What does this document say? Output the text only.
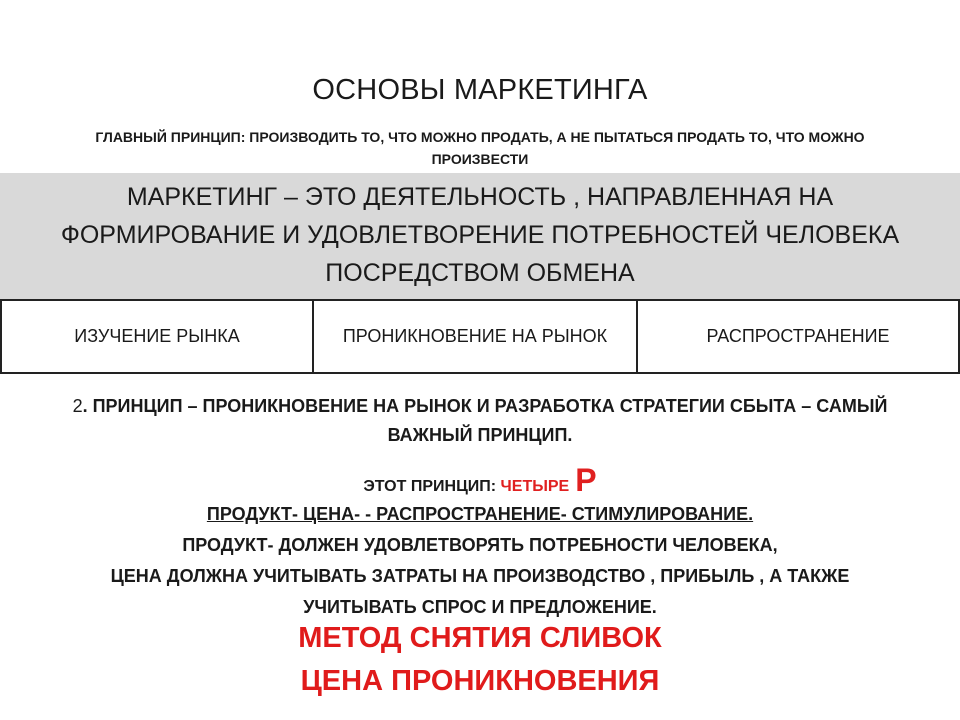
ОСНОВЫ МАРКЕТИНГА
ГЛАВНЫЙ ПРИНЦИП: ПРОИЗВОДИТЬ ТО, ЧТО МОЖНО ПРОДАТЬ, А НЕ ПЫТАТЬСЯ ПРОДАТЬ ТО, ЧТО МОЖНО
ПРОИЗВЕСТИ
МАРКЕТИНГ – ЭТО ДЕЯТЕЛЬНОСТЬ , НАПРАВЛЕННАЯ НА
ФОРМИРОВАНИЕ И УДОВЛЕТВОРЕНИЕ ПОТРЕБНОСТЕЙ ЧЕЛОВЕКА
ПОСРЕДСТВОМ ОБМЕНА
ИЗУЧЕНИЕ РЫНКА	ПРОНИКНОВЕНИЕ НА РЫНОК	РАСПРОСТРАНЕНИЕ
2. ПРИНЦИП – ПРОНИКНОВЕНИЕ НА РЫНОК И РАЗРАБОТКА СТРАТЕГИИ СБЫТА – САМЫЙ
ВАЖНЫЙ ПРИНЦИП.
ЭТОТ ПРИНЦИП: ЧЕТЫРЕ P
ПРОДУКТ- ЦЕНА- - РАСПРОСТРАНЕНИЕ- СТИМУЛИРОВАНИЕ.
ПРОДУКТ- ДОЛЖЕН УДОВЛЕТВОРЯТЬ ПОТРЕБНОСТИ ЧЕЛОВЕКА,
ЦЕНА ДОЛЖНА УЧИТЫВАТЬ ЗАТРАТЫ НА ПРОИЗВОДСТВО , ПРИБЫЛЬ , А ТАКЖЕ
УЧИТЫВАТЬ СПРОС И ПРЕДЛОЖЕНИЕ.
МЕТОД СНЯТИЯ СЛИВОК
ЦЕНА ПРОНИКНОВЕНИЯ
